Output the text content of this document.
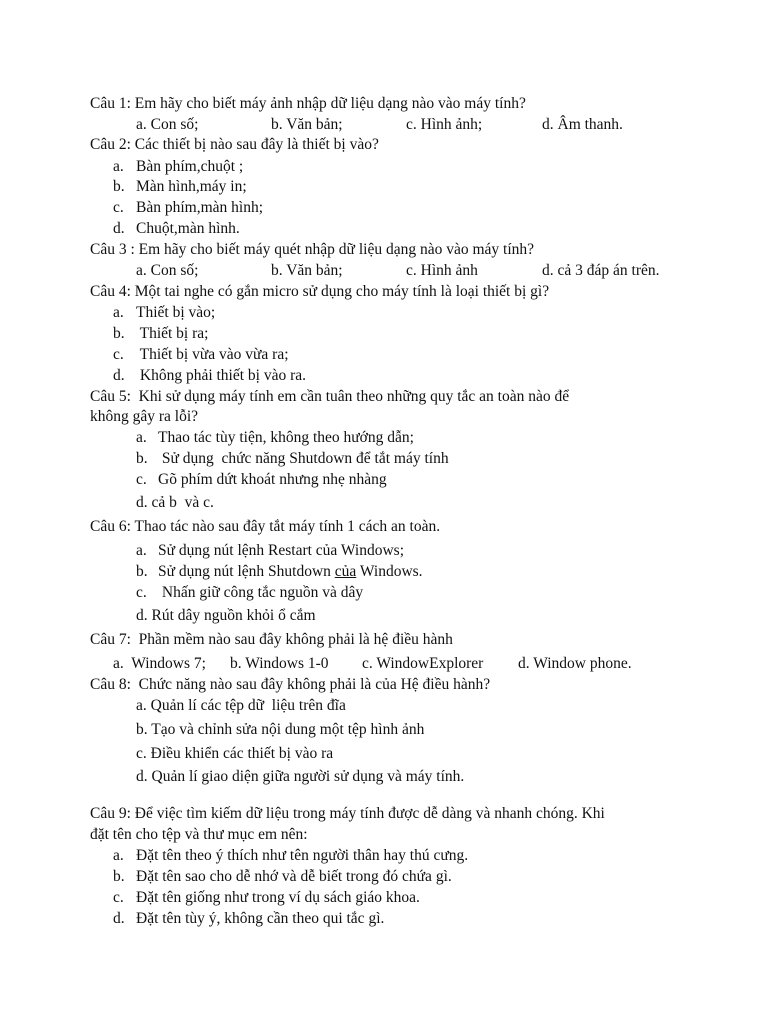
Câu 1: Em hãy cho biết máy ảnh nhập dữ liệu dạng nào vào máy tính?
a. Con số;	b. Văn bản;	c. Hình ảnh;	d. Âm thanh.
Câu 2: Các thiết bị nào sau đây là thiết bị vào?
a. Bàn phím,chuột ;
b. Màn hình,máy in;
c. Bàn phím,màn hình;
d. Chuột,màn hình.
Câu 3 : Em hãy cho biết máy quét nhập dữ liệu dạng nào vào máy tính?
a. Con số;	b. Văn bản;	c. Hình ảnh	d. cả 3 đáp án trên.
Câu 4: Một tai nghe có gắn micro sử dụng cho máy tính là loại thiết bị gì?
a. Thiết bị vào;
b. Thiết bị ra;
c. Thiết bị vừa vào vừa ra;
d. Không phải thiết bị vào ra.
Câu 5:  Khi sử dụng máy tính em cần tuân theo những quy tắc an toàn nào để
không gây ra lỗi?
a. Thao tác tùy tiện, không theo hướng dẫn;
b. Sử dụng  chức năng Shutdown để tắt máy tính
c. Gõ phím dứt khoát nhưng nhẹ nhàng
d. cả b  và c.
Câu 6: Thao tác nào sau đây tắt máy tính 1 cách an toàn.
a. Sử dụng nút lệnh Restart của Windows;
b. Sử dụng nút lệnh Shutdown của Windows.
c. Nhấn giữ công tắc nguồn và dây
d. Rút dây nguồn khỏi ổ cắm
Câu 7:  Phần mềm nào sau đây không phải là hệ điều hành
a.  Windows 7; b. Windows 1-0 c. WindowExplorer d. Window phone.
Câu 8:  Chức năng nào sau đây không phải là của Hệ điều hành?
a. Quản lí các tệp dữ  liệu trên đĩa
b. Tạo và chỉnh sửa nội dung một tệp hình ảnh
c. Điều khiển các thiết bị vào ra
d. Quản lí giao diện giữa người sử dụng và máy tính.
Câu 9: Để việc tìm kiếm dữ liệu trong máy tính được dễ dàng và nhanh chóng. Khi
đặt tên cho tệp và thư mục em nên:
a. Đặt tên theo ý thích như tên người thân hay thú cưng.
b. Đặt tên sao cho dễ nhớ và dễ biết trong đó chứa gì.
c. Đặt tên giống như trong ví dụ sách giáo khoa.
d. Đặt tên tùy ý, không cần theo qui tắc gì.
